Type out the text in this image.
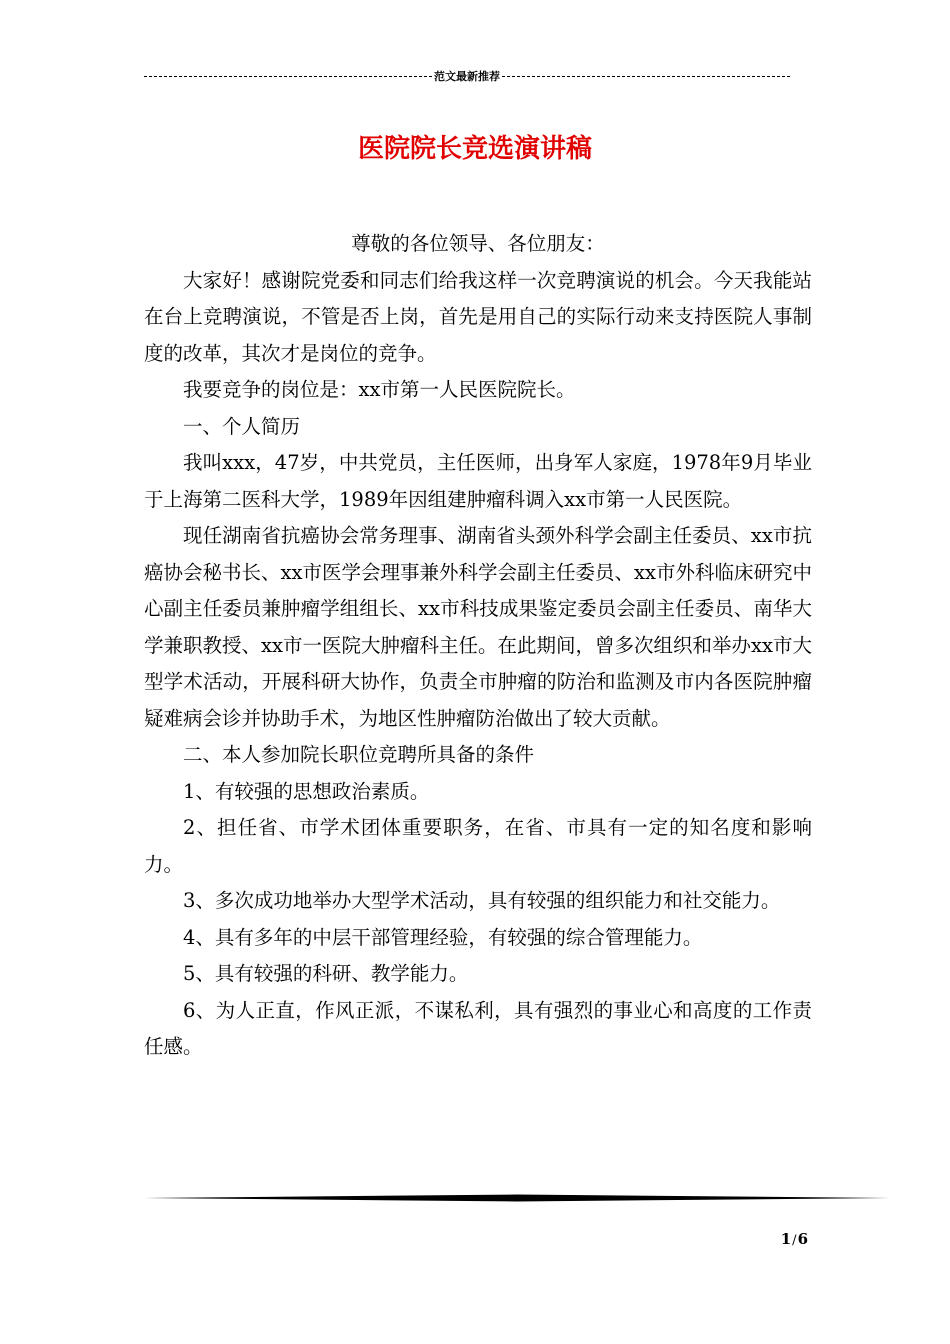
范文最新推荐
医院院长竞选演讲稿

尊敬的各位领导、各位朋友：

大家好！感谢院党委和同志们给我这样一次竞聘演说的机会。今天我能站在台上竞聘演说，不管是否上岗，首先是用自己的实际行动来支持医院人事制度的改革，其次才是岗位的竞争。

我要竞争的岗位是：xx市第一人民医院院长。

一、个人简历

我叫xxx，47岁，中共党员，主任医师，出身军人家庭，1978年9月毕业于上海第二医科大学，1989年因组建肿瘤科调入xx市第一人民医院。

现任湖南省抗癌协会常务理事、湖南省头颈外科学会副主任委员、xx市抗癌协会秘书长、xx市医学会理事兼外科学会副主任委员、xx市外科临床研究中心副主任委员兼肿瘤学组组长、xx市科技成果鉴定委员会副主任委员、南华大学兼职教授、xx市一医院大肿瘤科主任。在此期间，曾多次组织和举办xx市大型学术活动，开展科研大协作，负责全市肿瘤的防治和监测及市内各医院肿瘤疑难病会诊并协助手术，为地区性肿瘤防治做出了较大贡献。

二、本人参加院长职位竞聘所具备的条件

1、有较强的思想政治素质。

2、担任省、市学术团体重要职务，在省、市具有一定的知名度和影响力。

3、多次成功地举办大型学术活动，具有较强的组织能力和社交能力。

4、具有多年的中层干部管理经验，有较强的综合管理能力。

5、具有较强的科研、教学能力。

6、为人正直，作风正派，不谋私利，具有强烈的事业心和高度的工作责任感。

1/6
